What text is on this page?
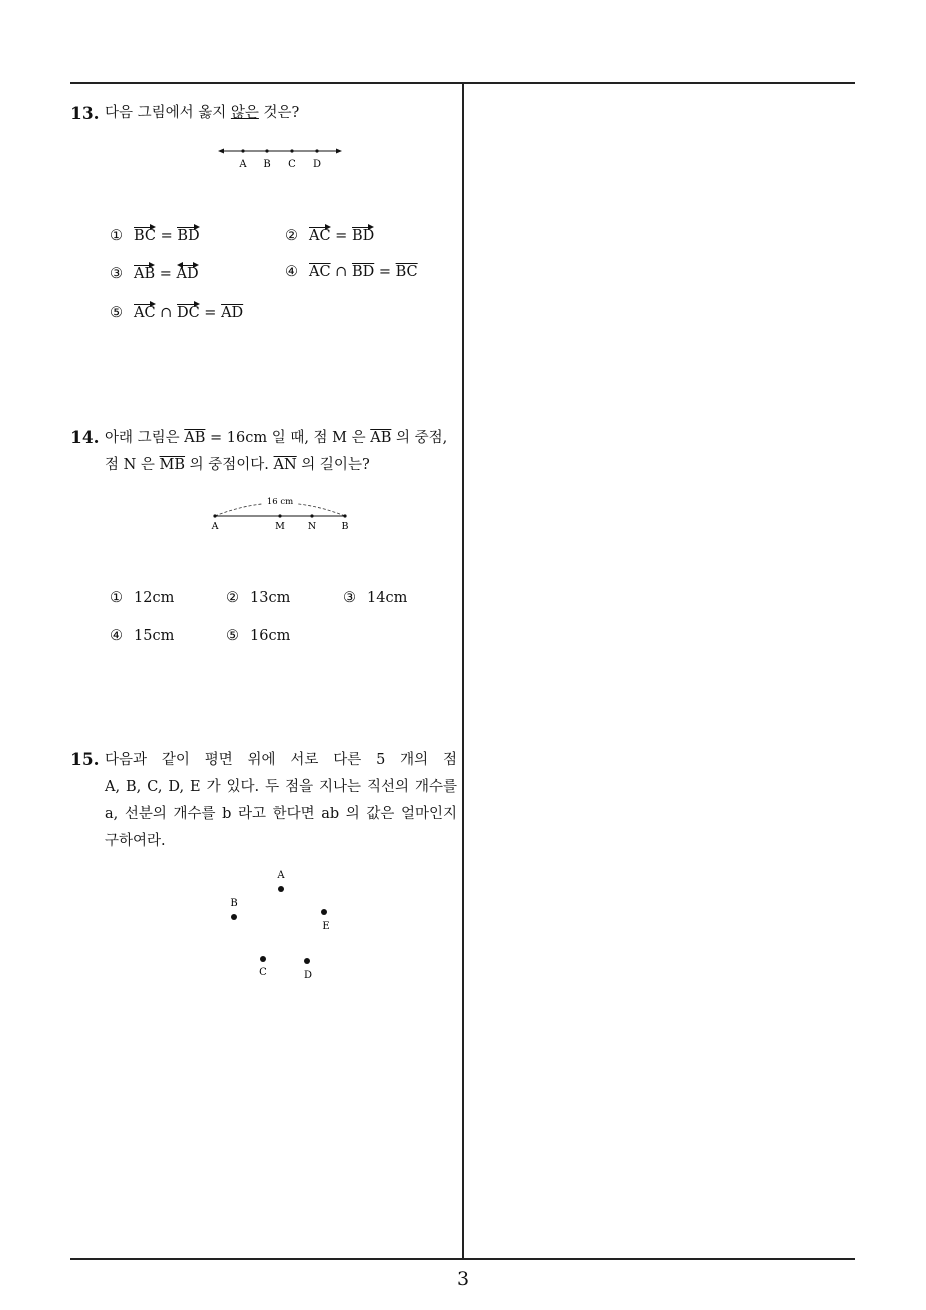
3
13. 다음 그림에서 옳지 않은 것은?
A B C D
① BC = BD	② AC = BD
③ AB = AD	④ $\overline{AC}$ ∩ $\overline{BD} = \overline{BC}$
⑤ AC ∩ DC = $\overline{AD}$
14. 아래 그림은 $\overline{AB} = 16cm$ 일 때, 점 M 은 $\overline{AB}$ 의 중점,
점 N 은 $\overline{MB}$ 의 중점이다. $\overline{AN}$ 의 길이는?
16 cm
A	M N	B
① 12cm	② 13cm	③ 14cm
④ 15cm	⑤ 16cm
15. 다음과 같이 평면 위에 서로 다른 5 개의 점
A, B, C, D, E 가 있다. 두 점을 지나는 직선의 개수를
a, 선분의 개수를 b 라고 한다면 ab 의 값은 얼마인지
구하여라.
A
B
E
C	D
